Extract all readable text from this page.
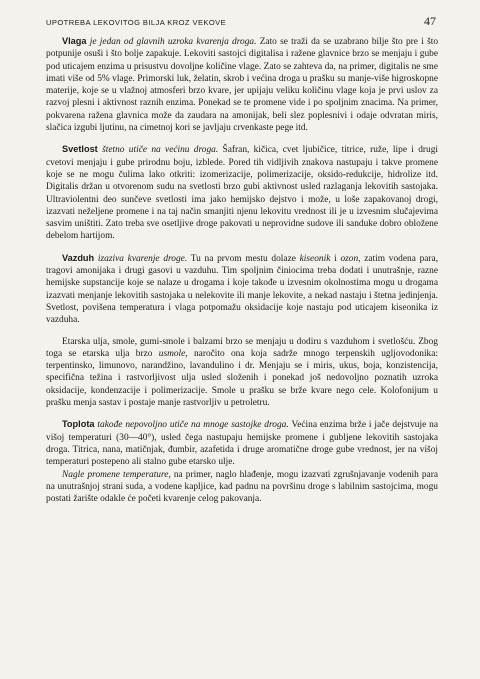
UPOTREBA LEKOVITOG BILJA KROZ VEKOVE	47

Vlaga je jedan od glavnih uzroka kvarenja droga. Zato se traži da se uzabrano bilje što pre i što potpunije osuši i što bolje zapakuje. Lekoviti sastojci digitalisa i ražene glavnice brzo se menjaju i gube pod uticajem enzima u prisustvu dovoljne količine vlage. Zato se zahteva da, na primer, digitalis ne sme imati više od 5% vlage. Primorski luk, želatin, skrob i većina droga u prašku su manje-više higroskopne materije, koje se u vlažnoj atmosferi brzo kvare, jer upijaju veliku količinu vlage koja je prvi uslov za razvoj plesni i aktivnost raznih enzima. Ponekad se te promene vide i po spoljnim znacima. Na primer, pokvarena ražena glavnica može da zaudara na amonijak, beli slez poplesnivi i odaje odvratan miris, slačica izgubi ljutinu, na cimetnoj kori se javljaju crvenkaste pege itd.

Svetlost štetno utiče na većinu droga. Šafran, kičica, cvet ljubičice, titrice, ruže, lipe i drugi cvetovi menjaju i gube prirodnu boju, izblede. Pored tih vidljivih znakova nastupaju i takve promene koje se ne mogu čulima lako otkriti: izomerizacije, polimerizacije, oksido-redukcije, hidrolize itd. Digitalis držan u otvorenom sudu na svetlosti brzo gubi aktivnost usled razlaganja lekovitih sastojaka. Ultraviolentni deo sunčeve svetlosti ima jako hemijsko dejstvo i može, u loše zapakovanoj drogi, izazvati neželjene promene i na taj način smanjiti njenu lekovitu vrednost ili je u izvesnim slučajevima sasvim uništiti. Zato treba sve osetljive droge pakovati u neprovidne sudove ili sanduke dobro obložene debelom hartijom.

Vazduh izaziva kvarenje droge. Tu na prvom mestu dolaze kiseonik i ozon, zatim vodena para, tragovi amonijaka i drugi gasovi u vazduhu. Tim spoljnim činiocima treba dodati i unutrašnje, razne hemijske supstancije koje se nalaze u drogama i koje takođe u izvesnim okolnostima mogu u drogama izazvati menjanje lekovitih sastojaka u nelekovite ili manje lekovite, a nekad nastaju i štetna jedinjenja. Svetlost, povišena temperatura i vlaga potpomažu oksidacije koje nastaju pod uticajem kiseonika iz vazduha.

Etarska ulja, smole, gumi-smole i balzami brzo se menjaju u dodiru s vazduhom i svetlošću. Zbog toga se etarska ulja brzo usmole, naročito ona koja sadrže mnogo terpenskih ugljovodonika: terpentinsko, limunovo, narandžino, lavandulino i dr. Menjaju se i miris, ukus, boja, konzistencija, specifična težina i rastvorljivost ulja usled složenih i ponekad još nedovoljno poznatih uzroka oksidacije, kondenzacije i polimerizacije. Smole u prašku se brže kvare nego cele. Kolofonijum u prašku menja sastav i postaje manje rastvorljiv u petroletru.

Toplota takođe nepovoljno utiče na mnoge sastojke droga. Većina enzima brže i jače dejstvuje na višoj temperaturi (30—40°), usled čega nastupaju hemijske promene i gubljene lekovitih sastojaka droga. Titrica, nana, matičnjak, đumbir, azafetida i druge aromatične droge gube vrednost, jer na višoj temperaturi postepeno ali stalno gube etarsko ulje.

Nagle promene temperature, na primer, naglo hlađenje, mogu izazvati zgrušnjavanje vodenih para na unutrašnjoj strani suda, a vodene kapljice, kad padnu na površinu droge s labilnim sastojcima, mogu postati žarište odakle će početi kvarenje celog pakovanja.
